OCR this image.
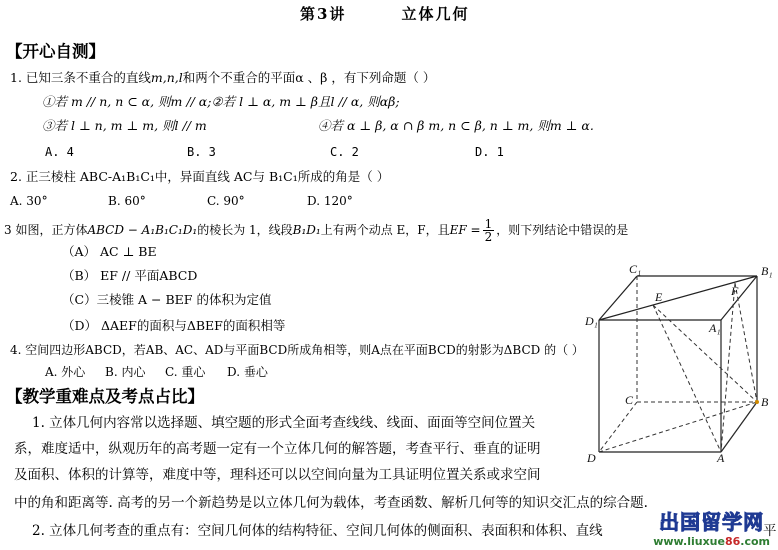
第3讲	立体几何
【开心自测】
1. 已知三条不重合的直线m,n,l和两个不重合的平面α 、β ，有下列命题（ ）
①若 m // n, n ⊂ α, 则m // α;②若 l ⊥ α, m ⊥ β且l // α, 则αβ;
③若 l ⊥ n, m ⊥ m, 则l // m	④若 α ⊥ β, α ∩ β m, n ⊂ β, n ⊥ m, 则m ⊥ α.
A. 4	B. 3	C. 2	D. 1
2. 正三棱柱 ABC-A₁B₁C₁中，异面直线 AC与 B₁C₁所成的角是（ ）
A. 30°	B. 60°	C. 90°	D. 120°
3 如图，正方体ABCD − A₁B₁C₁D₁的棱长为 1，线段B₁D₁上有两个动点 E，F，且EF = $\frac{1}{2}$ ，则下列结论中错误的是
（A） AC ⊥ BE
（B） EF // 平面ABCD
（C）三棱锥 A − BEF 的体积为定值
（D） ΔAEF的面积与ΔBEF的面积相等
4. 空间四边形ABCD，若AB、AC、AD与平面BCD所成角相等，则A点在平面BCD的射影为ΔBCD 的（ ）
A. 外心 B. 内心 C. 重心 D. 垂心
【教学重难点及考点占比】
1. 立体几何内容常以选择题、填空题的形式全面考查线线、线面、面面等空间位置关
系，难度适中，纵观历年的高考题一定有一个立体几何的解答题，考查平行、垂直的证明
及面积、体积的计算等，难度中等，理科还可以以空间向量为工具证明位置关系或求空间
中的角和距离等. 高考的另一个新趋势是以立体几何为载体，考查函数、解析几何等的知识交汇点的综合题.
2. 立体几何考查的重点有：空间几何体的结构特征、空间几何体的侧面积、表面积和体积、直线	平
C₁	B₁
A₁
D₁
E	F
C	B
A
D
出国留学网
www.liuxue86.com
